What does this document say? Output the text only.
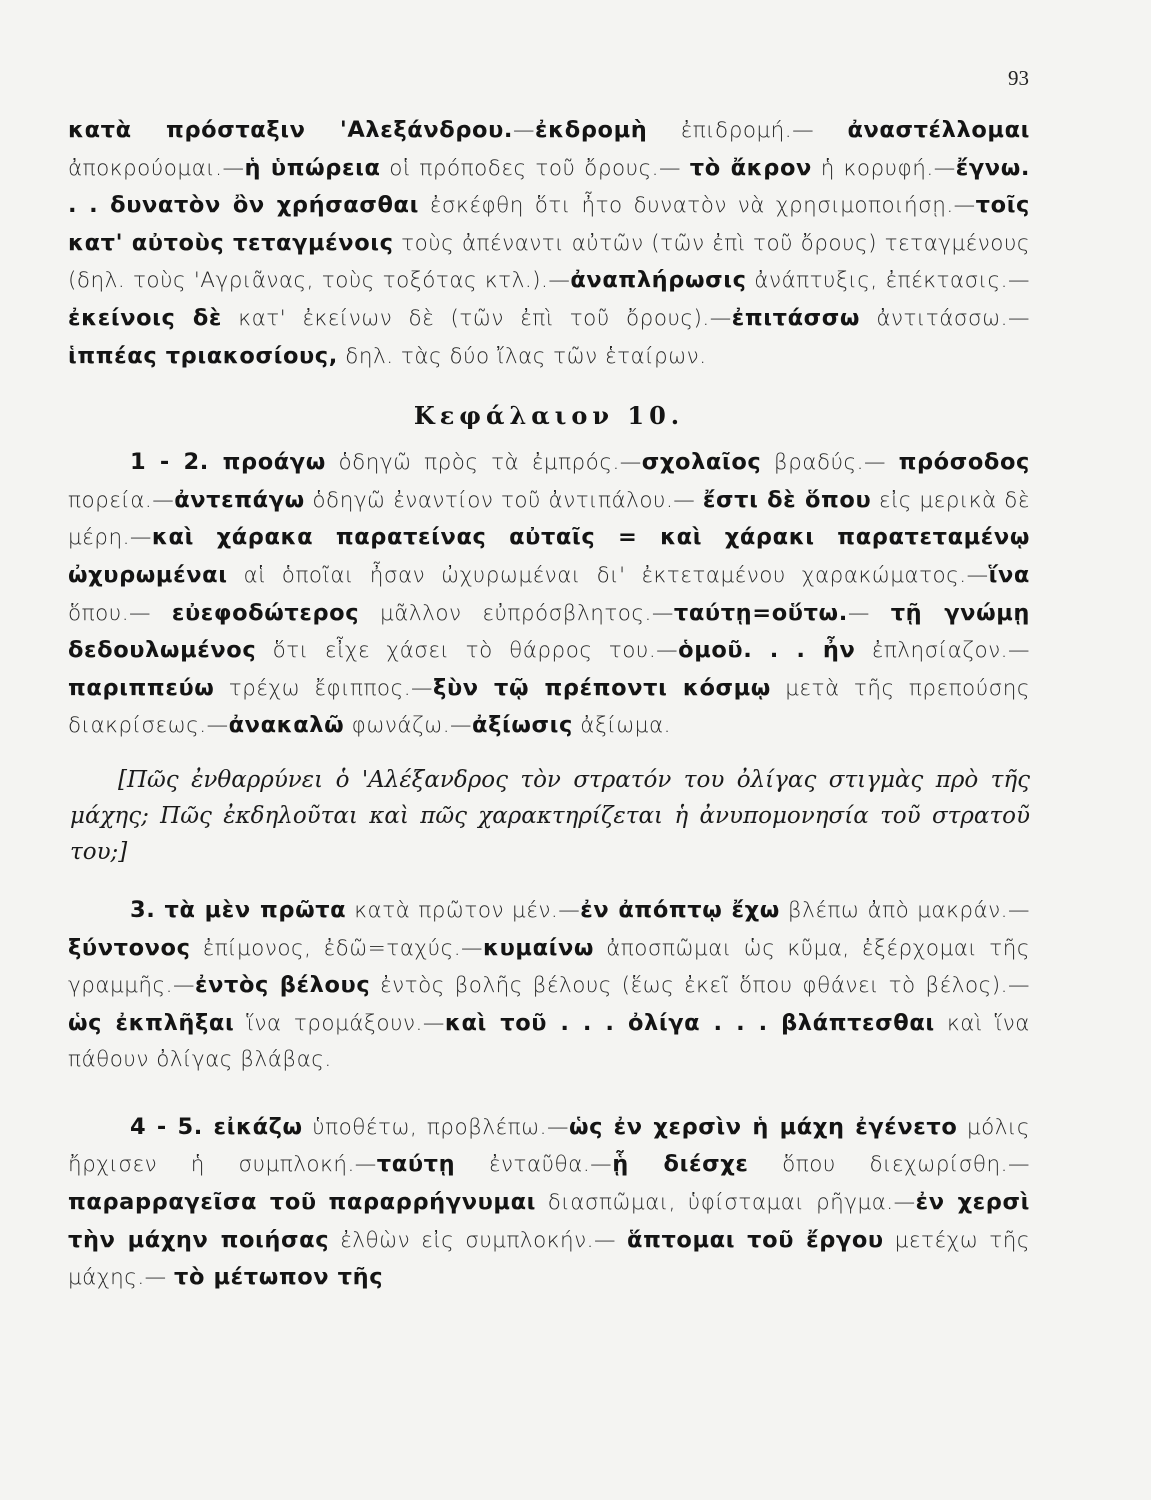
93

κατὰ πρόσταξιν 'Αλεξάνδρου.—ἐκδρομὴ ἐπιδρομή.— ἀναστέλλομαι ἀποκρούομαι.—ἡ ὑπώρεια οἱ πρόποδες τοῦ ὄρους.— τὸ ἄκρον ἡ κορυφή.—ἔγνω. . . δυνατὸν ὂν χρήσασθαι ἐσκέφθη ὅτι ἦτο δυνατὸν νὰ χρησιμοποιήσῃ.—τοῖς κατ' αὐτοὺς τεταγμένοις τοὺς ἀπέναντι αὐτῶν (τῶν ἐπὶ τοῦ ὄρους) τεταγμένους (δηλ. τοὺς 'Αγριᾶνας, τοὺς τοξότας κτλ.).—ἀναπλήρωσις ἀνάπτυξις, ἐπέκτασις.— ἐκείνοις δὲ κατ' ἐκείνων δὲ (τῶν ἐπὶ τοῦ ὄρους).—ἐπιτάσσω ἀντιτάσσω.—ἱππέας τριακοσίους, δηλ. τὰς δύο ἴλας τῶν ἑταίρων.

Κεφάλαιον 10.

1 - 2. προάγω ὁδηγῶ πρὸς τὰ ἐμπρός.—σχολαῖος βραδύς.— πρόσοδος πορεία.—ἀντεπάγω ὁδηγῶ ἐναντίον τοῦ ἀντιπάλου.— ἔστι δὲ ὅπου εἰς μερικὰ δὲ μέρη.—καὶ χάρακα παρατείνας αὐταῖς = καὶ χάρακι παρατεταμένῳ ὠχυρωμέναι αἱ ὁποῖαι ἦσαν ὠχυρωμέναι δι' ἐκτεταμένου χαρακώματος.—ἵνα ὅπου.— εὐεφοδώτερος μᾶλλον εὐπρόσβλητος.—ταύτῃ=οὕτω.— τῇ γνώμῃ δεδουλωμένος ὅτι εἶχε χάσει τὸ θάρρος του.—ὁμοῦ. . . ἦν ἐπλησίαζον.— παριππεύω τρέχω ἔφιππος.—ξὺν τῷ πρέποντι κόσμῳ μετὰ τῆς πρεπούσης διακρίσεως.—ἀνακαλῶ φωνάζω.—ἀξίωσις ἀξίωμα.

[Πῶς ἐνθαρρύνει ὁ 'Αλέξανδρος τὸν στρατόν του ὀλίγας στιγμὰς πρὸ τῆς μάχης; Πῶς ἐκδηλοῦται καὶ πῶς χαρακτηρίζεται ἡ ἀνυπομονησία τοῦ στρατοῦ του;]

3. τὰ μὲν πρῶτα κατὰ πρῶτον μέν.—ἐν ἀπόπτῳ ἔχω βλέπω ἀπὸ μακράν.—ξύντονος ἐπίμονος, ἐδῶ=ταχύς.—κυμαίνω ἀποσπῶμαι ὡς κῦμα, ἐξέρχομαι τῆς γραμμῆς.—ἐντὸς βέλους ἐντὸς βολῆς βέλους (ἕως ἐκεῖ ὅπου φθάνει τὸ βέλος).—ὡς ἐκπλῆξαι ἵνα τρομάξουν.—καὶ τοῦ . . . ὀλίγα . . . βλάπτεσθαι καὶ ἵνα πάθουν ὀλίγας βλάβας.

4 - 5. εἰκάζω ὑποθέτω, προβλέπω.—ὡς ἐν χερσὶν ἡ μάχη ἐγένετο μόλις ἤρχισεν ἡ συμπλοκή.—ταύτῃ ἐνταῦθα.—ᾗ διέσχε ὅπου διεχωρίσθη.—παρарραγεῖσα τοῦ παραρρήγνυμαι διασπῶμαι, ὑφίσταμαι ρῆγμα.—ἐν χερσὶ τὴν μάχην ποιήσας ἐλθὼν εἰς συμπλοκήν.— ἅπτομαι τοῦ ἔργου μετέχω τῆς μάχης.— τὸ μέτωπον τῆς
